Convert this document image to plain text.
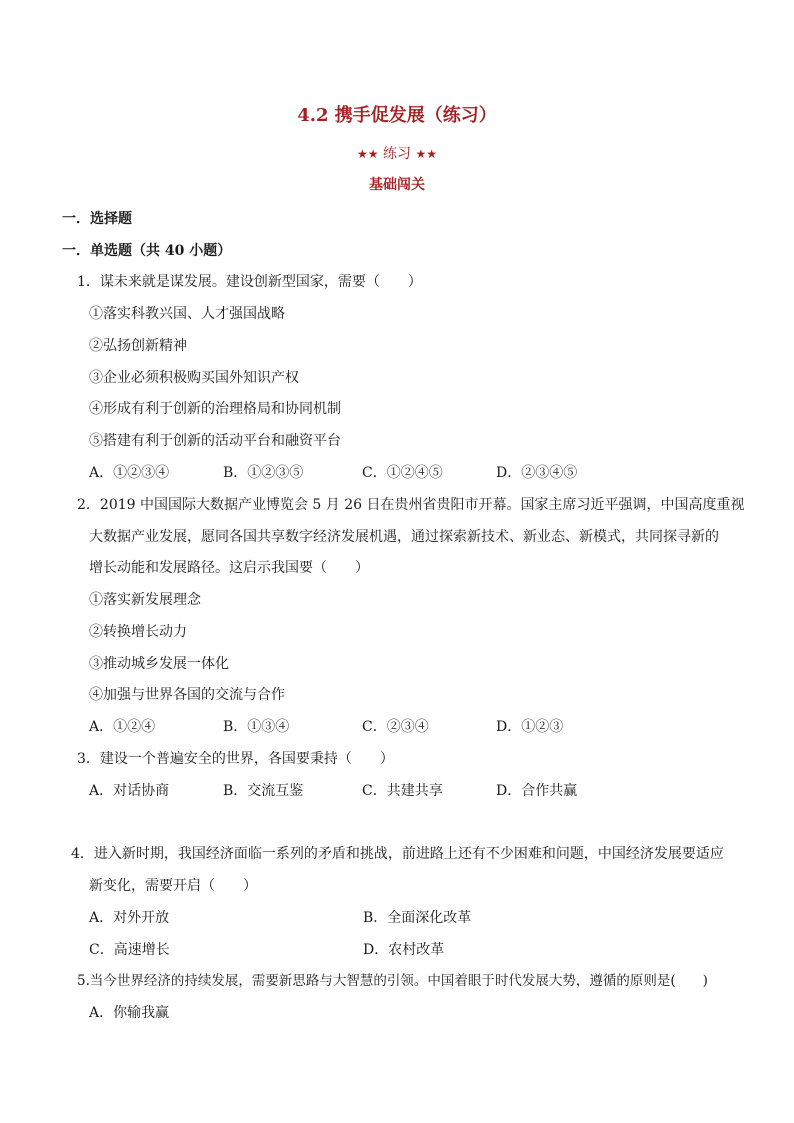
4.2 携手促发展（练习）
★★ 练习 ★★
基础闯关
一．选择题
一．单选题（共 40 小题）
1．谋未来就是谋发展。建设创新型国家，需要（　　）
①落实科教兴国、人才强国战略
②弘扬创新精神
③企业必须积极购买国外知识产权
④形成有利于创新的治理格局和协同机制
⑤搭建有利于创新的活动平台和融资平台
A．①②③④	B．①②③⑤	C．①②④⑤	D．②③④⑤
2．2019 中国国际大数据产业博览会 5 月 26 日在贵州省贵阳市开幕。国家主席习近平强调，中国高度重视
大数据产业发展，愿同各国共享数字经济发展机遇，通过探索新技术、新业态、新模式，共同探寻新的
增长动能和发展路径。这启示我国要（　　）
①落实新发展理念
②转换增长动力
③推动城乡发展一体化
④加强与世界各国的交流与合作
A．①②④	B．①③④	C．②③④	D．①②③
3．建设一个普遍安全的世界，各国要秉持（　　）
A．对话协商	B．交流互鉴	C．共建共享	D．合作共赢
4．进入新时期，我国经济面临一系列的矛盾和挑战，前进路上还有不少困难和问题，中国经济发展要适应
新变化，需要开启（　　）
A．对外开放	B．全面深化改革
C．高速增长	D．农村改革
5.当今世界经济的持续发展，需要新思路与大智慧的引领。中国着眼于时代发展大势，遵循的原则是(　　)
A．你输我赢
